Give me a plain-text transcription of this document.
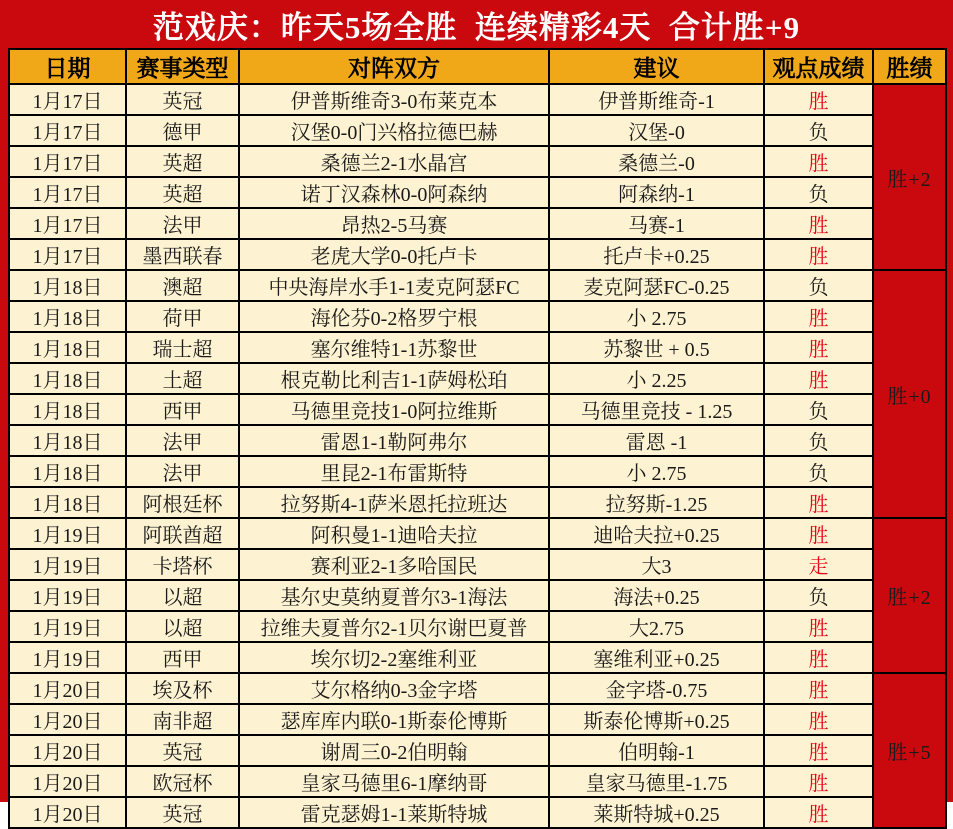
范戏庆：昨天5场全胜  连续精彩4天  合计胜+9
日期	赛事类型	对阵双方	建议	观点成绩	胜绩
1月17日	英冠	伊普斯维奇3-0布莱克本	伊普斯维奇-1	胜	胜+2
1月17日	德甲	汉堡0-0门兴格拉德巴赫	汉堡-0	负	
1月17日	英超	桑德兰2-1水晶宫	桑德兰-0	胜	
1月17日	英超	诺丁汉森林0-0阿森纳	阿森纳-1	负	
1月17日	法甲	昂热2-5马赛	马赛-1	胜	
1月17日	墨西联春	老虎大学0-0托卢卡	托卢卡+0.25	胜	
1月18日	澳超	中央海岸水手1-1麦克阿瑟FC	麦克阿瑟FC-0.25	负	胜+0
1月18日	荷甲	海伦芬0-2格罗宁根	小 2.75	胜	
1月18日	瑞士超	塞尔维特1-1苏黎世	苏黎世 + 0.5	胜	
1月18日	土超	根克勒比利吉1-1萨姆松珀	小 2.25	胜	
1月18日	西甲	马德里竞技1-0阿拉维斯	马德里竞技 - 1.25	负	
1月18日	法甲	雷恩1-1勒阿弗尔	雷恩 -1	负	
1月18日	法甲	里昆2-1布雷斯特	小 2.75	负	
1月18日	阿根廷杯	拉努斯4-1萨米恩托拉班达	拉努斯-1.25	胜	
1月19日	阿联酋超	阿积曼1-1迪哈夫拉	迪哈夫拉+0.25	胜	胜+2
1月19日	卡塔杯	赛利亚2-1多哈国民	大3	走	
1月19日	以超	基尔史莫纳夏普尔3-1海法	海法+0.25	负	
1月19日	以超	拉维夫夏普尔2-1贝尔谢巴夏普	大2.75	胜	
1月19日	西甲	埃尔切2-2塞维利亚	塞维利亚+0.25	胜	
1月20日	埃及杯	艾尔格纳0-3金字塔	金字塔-0.75	胜	胜+5
1月20日	南非超	瑟库库内联0-1斯泰伦博斯	斯泰伦博斯+0.25	胜	
1月20日	英冠	谢周三0-2伯明翰	伯明翰-1	胜	
1月20日	欧冠杯	皇家马德里6-1摩纳哥	皇家马德里-1.75	胜	
1月20日	英冠	雷克瑟姆1-1莱斯特城	莱斯特城+0.25	胜	
